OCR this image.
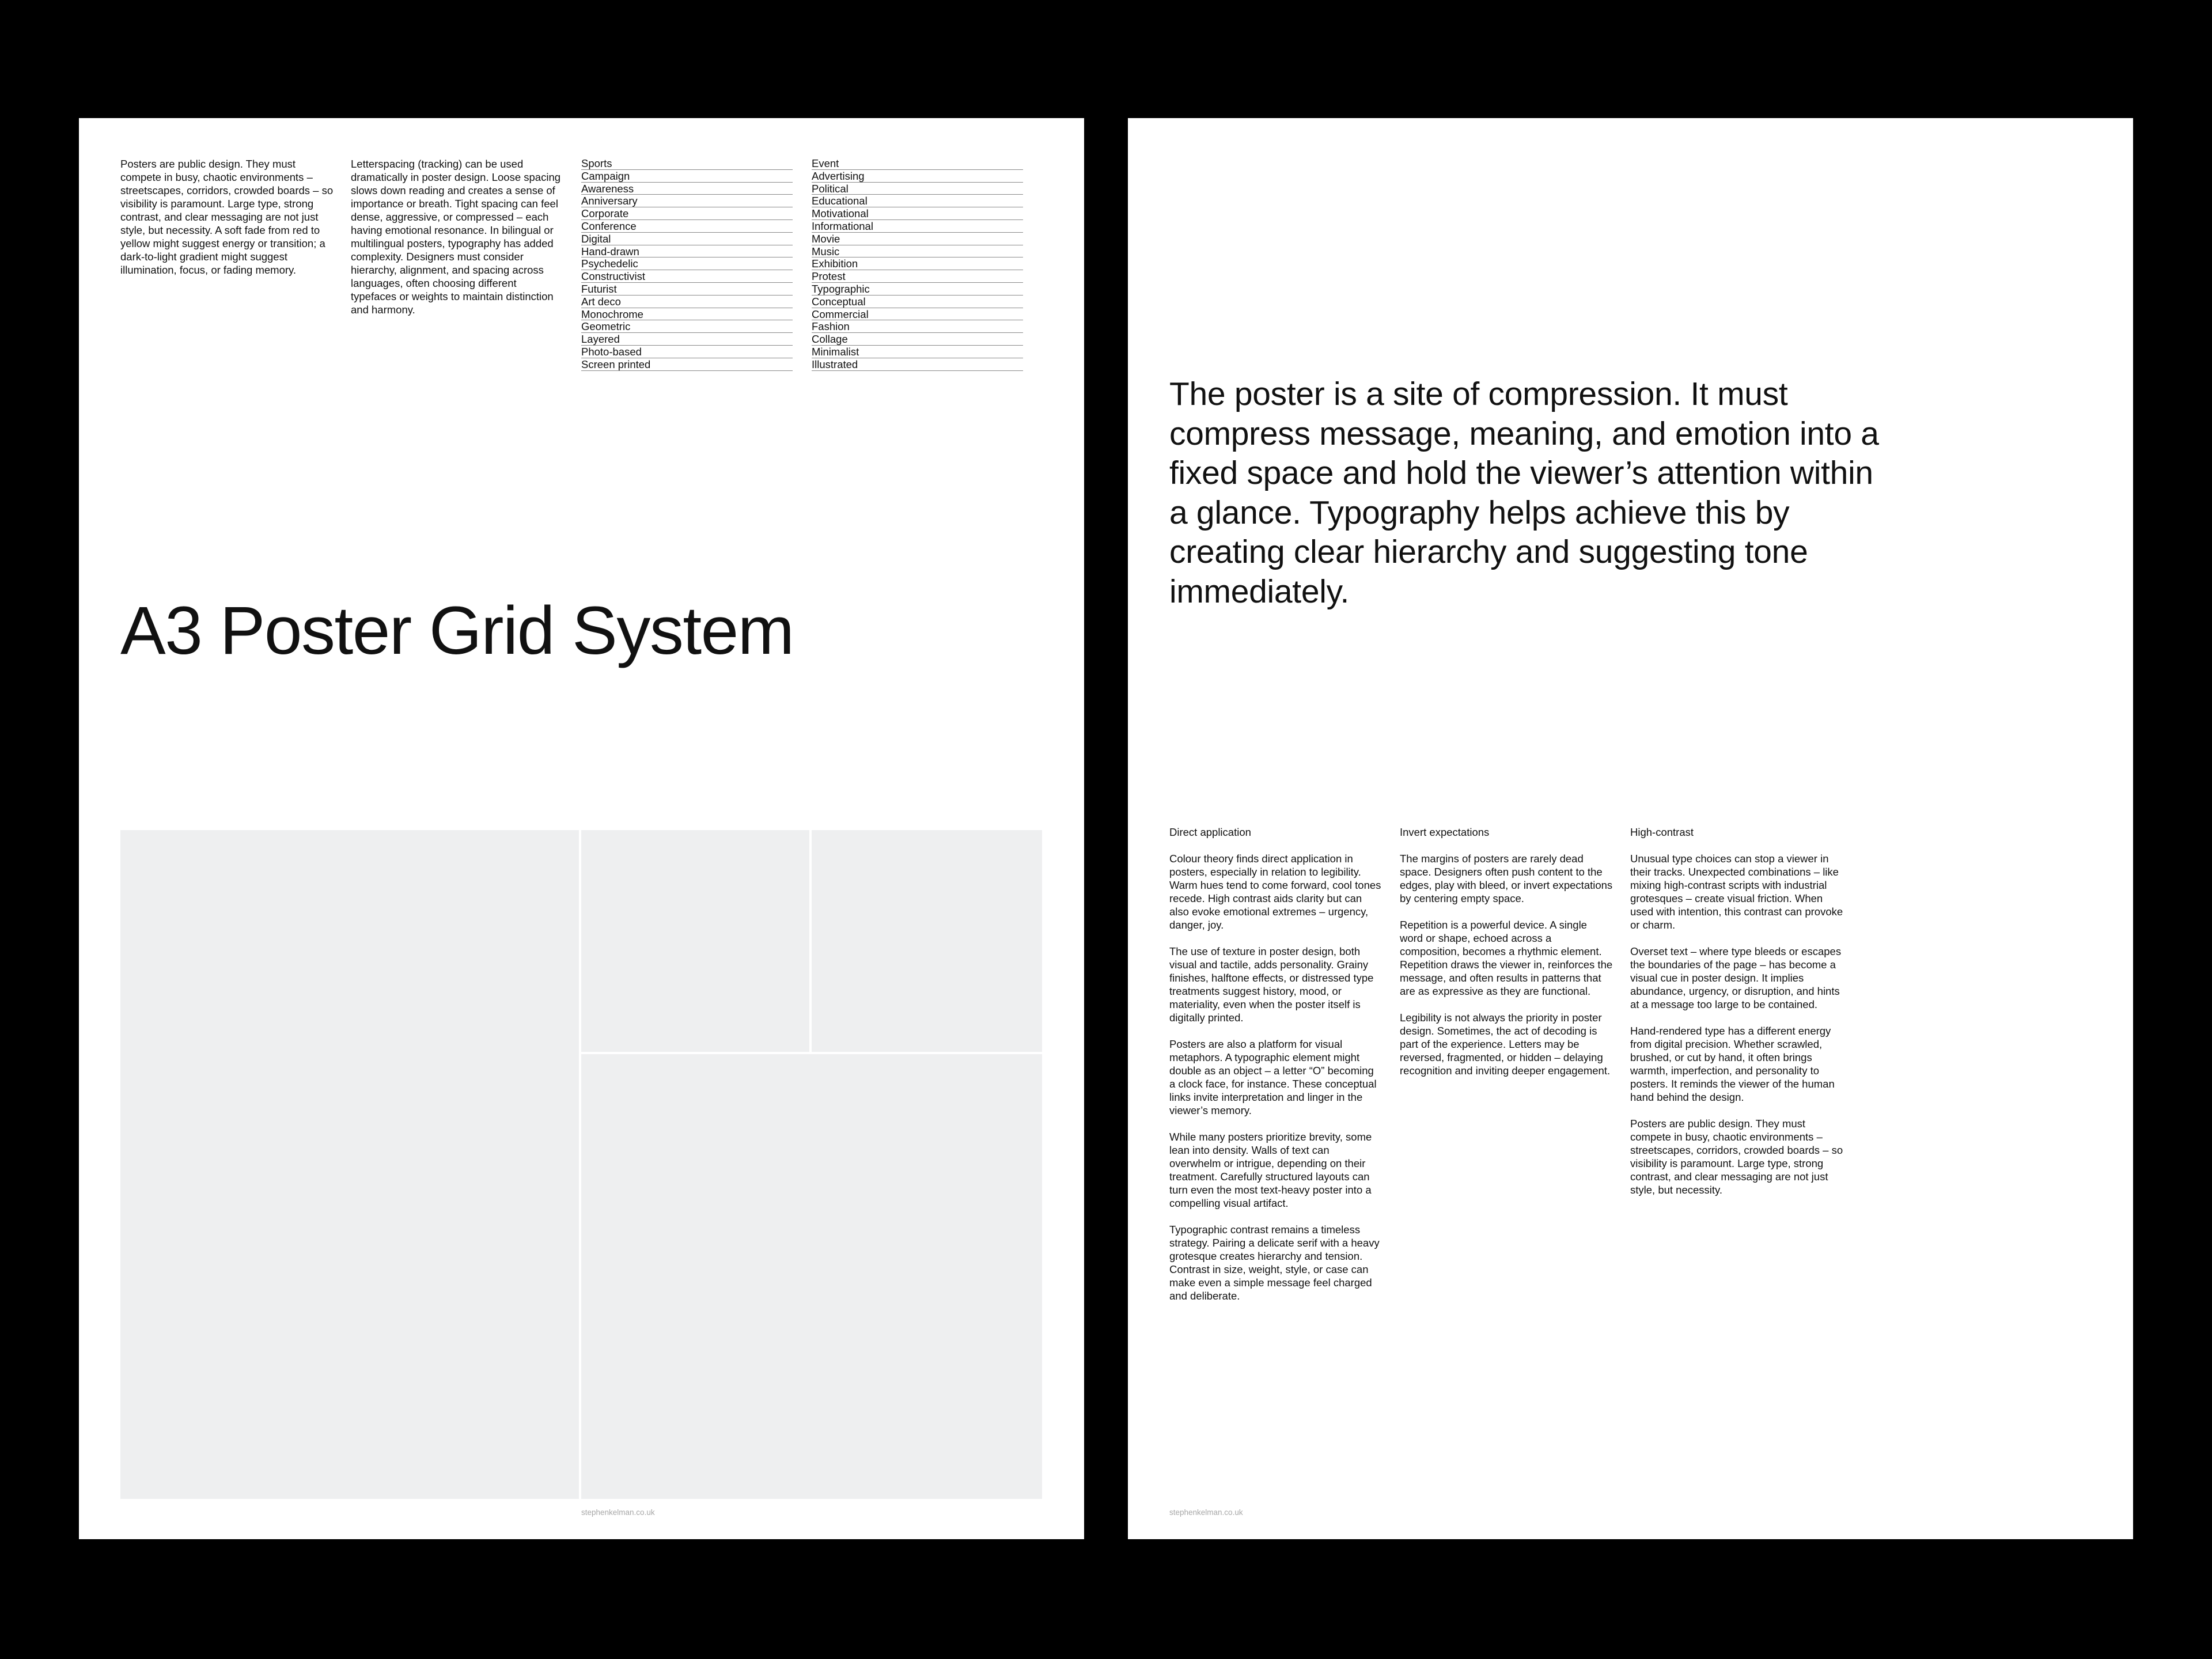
Posters are public design. They must compete in busy, chaotic environments – streetscapes, corridors, crowded boards – so visibility is paramount. Large type, strong contrast, and clear messaging are not just style, but necessity. A soft fade from red to yellow might suggest energy or transition; a dark-to-light gradient might suggest illumination, focus, or fading memory.

Letterspacing (tracking) can be used dramatically in poster design. Loose spacing slows down reading and creates a sense of importance or breath. Tight spacing can feel dense, aggressive, or compressed – each having emotional resonance. In bilingual or multilingual posters, typography has added complexity. Designers must consider hierarchy, alignment, and spacing across languages, often choosing different typefaces or weights to maintain distinction and harmony.

Sports
Campaign
Awareness
Anniversary
Corporate
Conference
Digital
Hand-drawn
Psychedelic
Constructivist
Futurist
Art deco
Monochrome
Geometric
Layered
Photo-based
Screen printed
Event
Advertising
Political
Educational
Motivational
Informational
Movie
Music
Exhibition
Protest
Typographic
Conceptual
Commercial
Fashion
Collage
Minimalist
Illustrated
A3 Poster Grid System

stephenkelman.co.uk

The poster is a site of compression. It must compress message, meaning, and emotion into a fixed space and hold the viewer’s attention within a glance. Typography helps achieve this by creating clear hierarchy and suggesting tone immediately.
Direct application

Colour theory finds direct application in posters, especially in relation to legibility. Warm hues tend to come forward, cool tones recede. High contrast aids clarity but can also evoke emotional extremes – urgency, danger, joy.

The use of texture in poster design, both visual and tactile, adds personality. Grainy finishes, halftone effects, or distressed type treatments suggest history, mood, or materiality, even when the poster itself is digitally printed.

Posters are also a platform for visual metaphors. A typographic element might double as an object – a letter “O” becoming a clock face, for instance. These conceptual links invite interpretation and linger in the viewer’s memory.

While many posters prioritize brevity, some lean into density. Walls of text can overwhelm or intrigue, depending on their treatment. Carefully structured layouts can turn even the most text-heavy poster into a compelling visual artifact.

Typographic contrast remains a timeless strategy. Pairing a delicate serif with a heavy grotesque creates hierarchy and tension. Contrast in size, weight, style, or case can make even a simple message feel charged and deliberate.

Invert expectations

The margins of posters are rarely dead space. Designers often push content to the edges, play with bleed, or invert expectations by centering empty space.

Repetition is a powerful device. A single word or shape, echoed across a composition, becomes a rhythmic element. Repetition draws the viewer in, reinforces the message, and often results in patterns that are as expressive as they are functional.

Legibility is not always the priority in poster design. Sometimes, the act of decoding is part of the experience. Letters may be reversed, fragmented, or hidden – delaying recognition and inviting deeper engagement.

High-contrast

Unusual type choices can stop a viewer in their tracks. Unexpected combinations – like mixing high-contrast scripts with industrial grotesques – create visual friction. When used with intention, this contrast can provoke or charm.

Overset text – where type bleeds or escapes the boundaries of the page – has become a visual cue in poster design. It implies abundance, urgency, or disruption, and hints at a message too large to be contained.

Hand-rendered type has a different energy from digital precision. Whether scrawled, brushed, or cut by hand, it often brings warmth, imperfection, and personality to posters. It reminds the viewer of the human hand behind the design.

Posters are public design. They must compete in busy, chaotic environments – streetscapes, corridors, crowded boards – so visibility is paramount. Large type, strong contrast, and clear messaging are not just style, but necessity.

stephenkelman.co.uk
